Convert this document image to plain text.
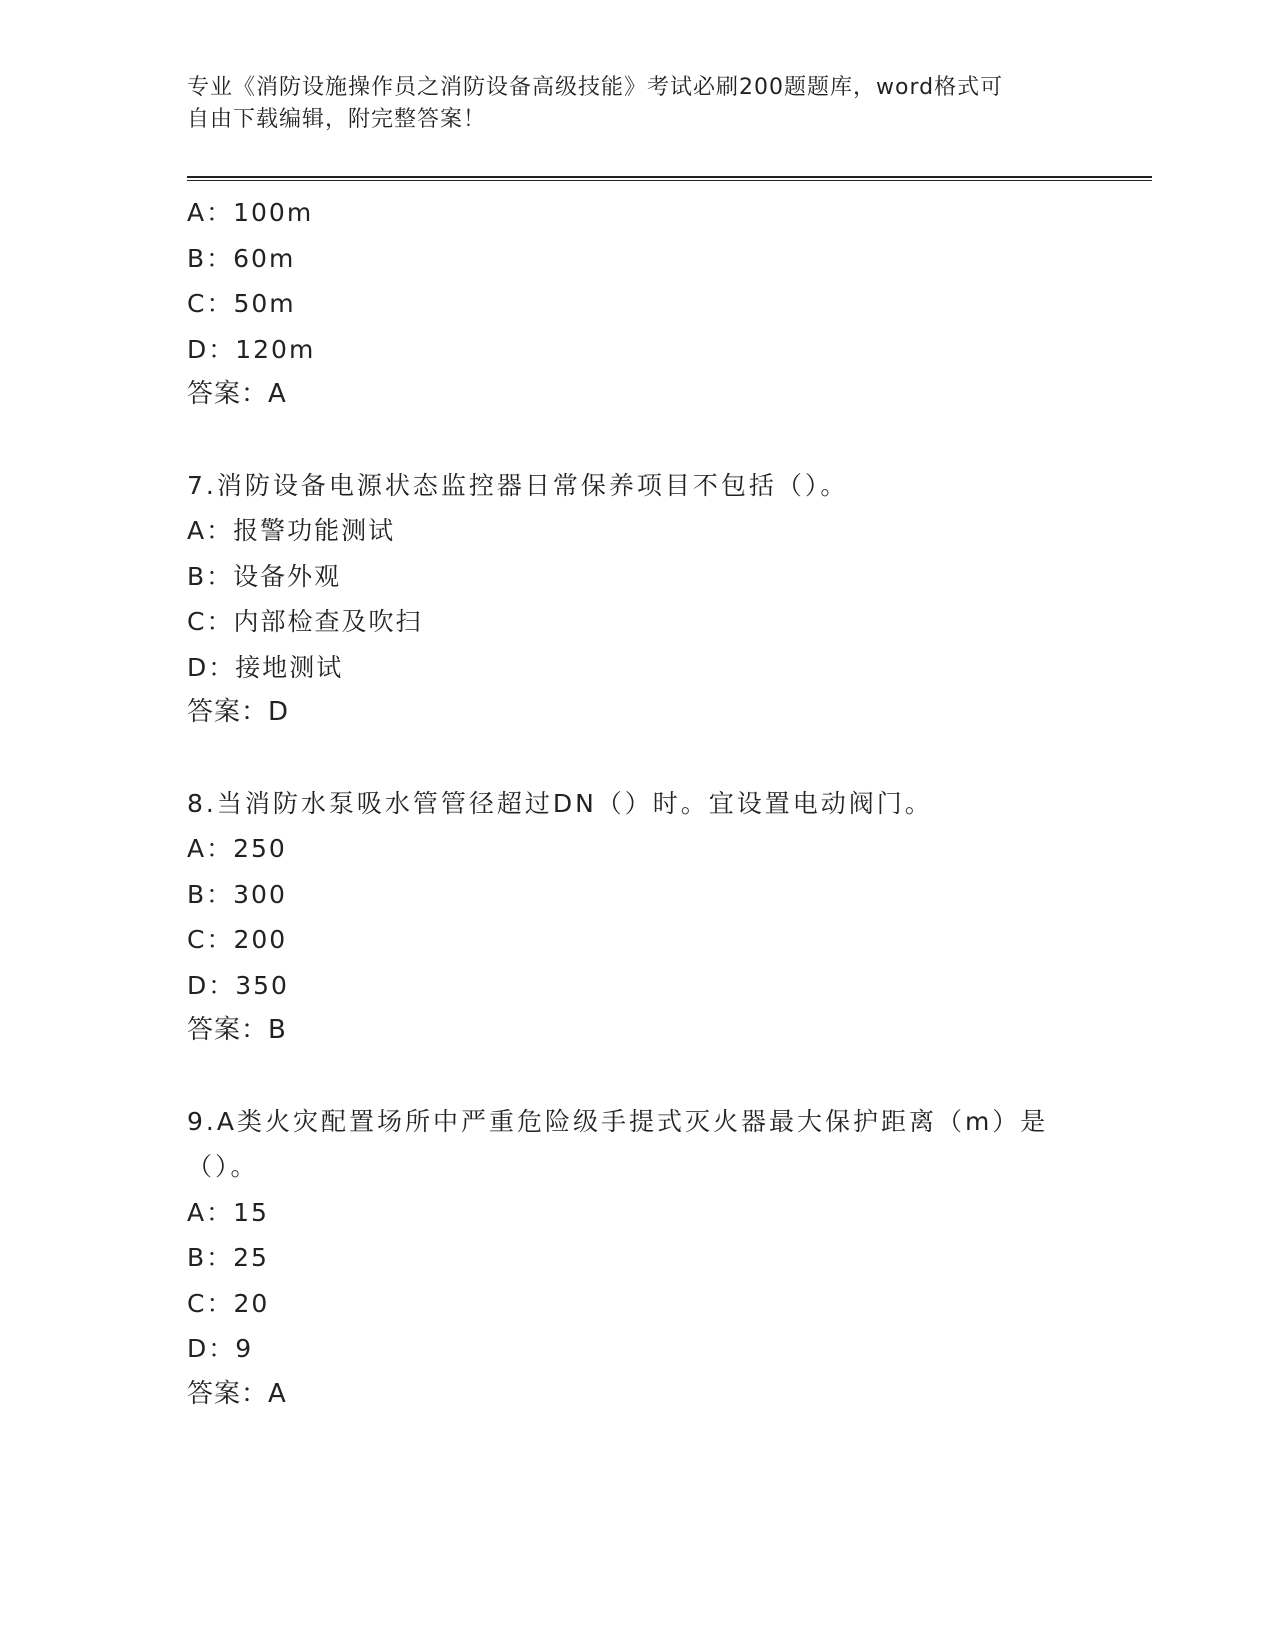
专业《消防设施操作员之消防设备高级技能》考试必刷200题题库，word格式可
自由下载编辑，附完整答案！
A：100m
B：60m
C：50m
D：120m
答案：A
7.消防设备电源状态监控器日常保养项目不包括（）。
A：报警功能测试
B：设备外观
C：内部检查及吹扫
D：接地测试
答案：D
8.当消防水泵吸水管管径超过DN（）时。宜设置电动阀门。
A：250
B：300
C：200
D：350
答案：B
9.A类火灾配置场所中严重危险级手提式灭火器最大保护距离（m）是
（）。
A：15
B：25
C：20
D：9
答案：A
